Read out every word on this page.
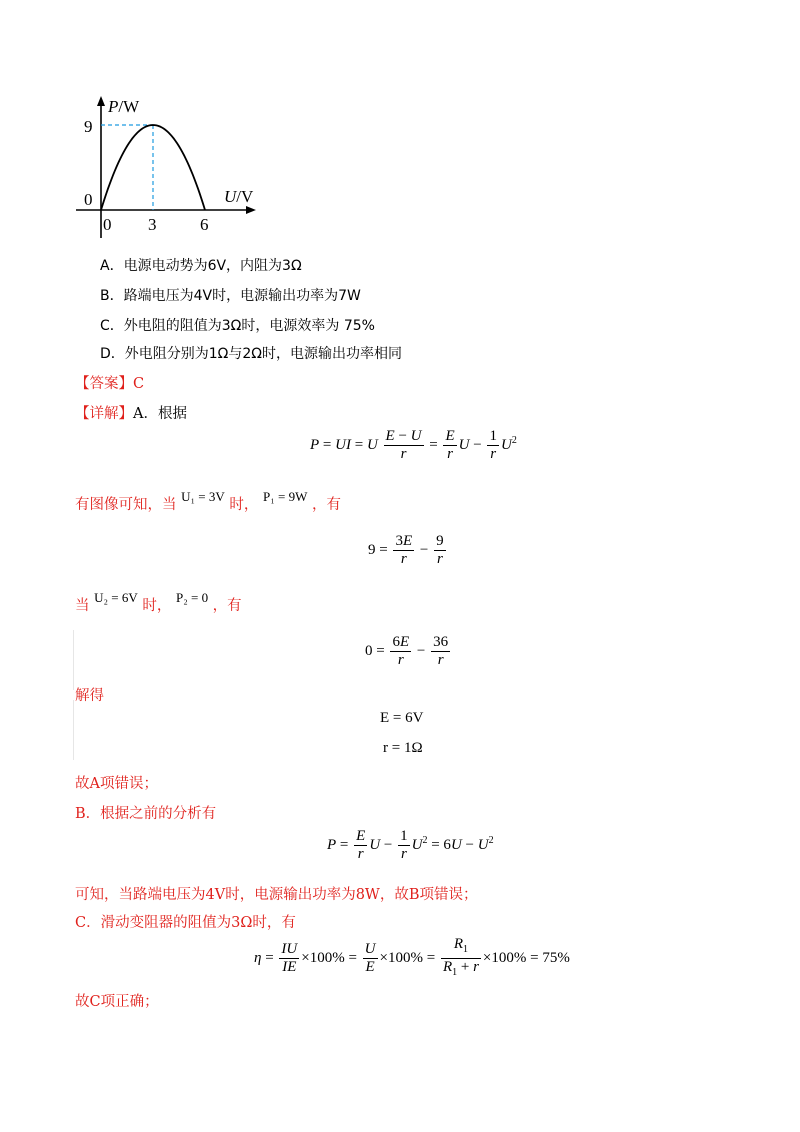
P/W
U/V
9
0
0 3	6
A．电源电动势为6V，内阻为3Ω
B．路端电压为4V时，电源输出功率为7W
C．外电阻的阻值为3Ω时，电源效率为 75%
D．外电阻分别为1Ω与2Ω时，电源输出功率相同
【答案】C
【详解】A．根据
P = UI = U $\frac{E - U}{r} = \frac{E}{r}$ $U - \frac{1}{r} U^2$
有图像可知，当 U₁ = 3V 时， P₁ = 9W ，有
$9 = \frac{3E}{r} - \frac{9}{r}$
当 U₂ = 6V 时， P₂ = 0 ，有
$0 = \frac{6E}{r} - \frac{36}{r}$
解得
E = 6V
r = 1Ω
故A项错误；
B．根据之前的分析有
$P = \frac{E}{r}$ $U - \frac{1}{r} U^2 = 6U - U^2$
可知，当路端电压为4V时，电源输出功率为8W，故B项错误；
C．滑动变阻器的阻值为3Ω时，有
$\eta = \frac{IU}{IE} \times 100\% = \frac{U}{E} \times 100\% = \frac{R_1}{R_1 + r} \times 100\% = 75\%$
故C项正确；
